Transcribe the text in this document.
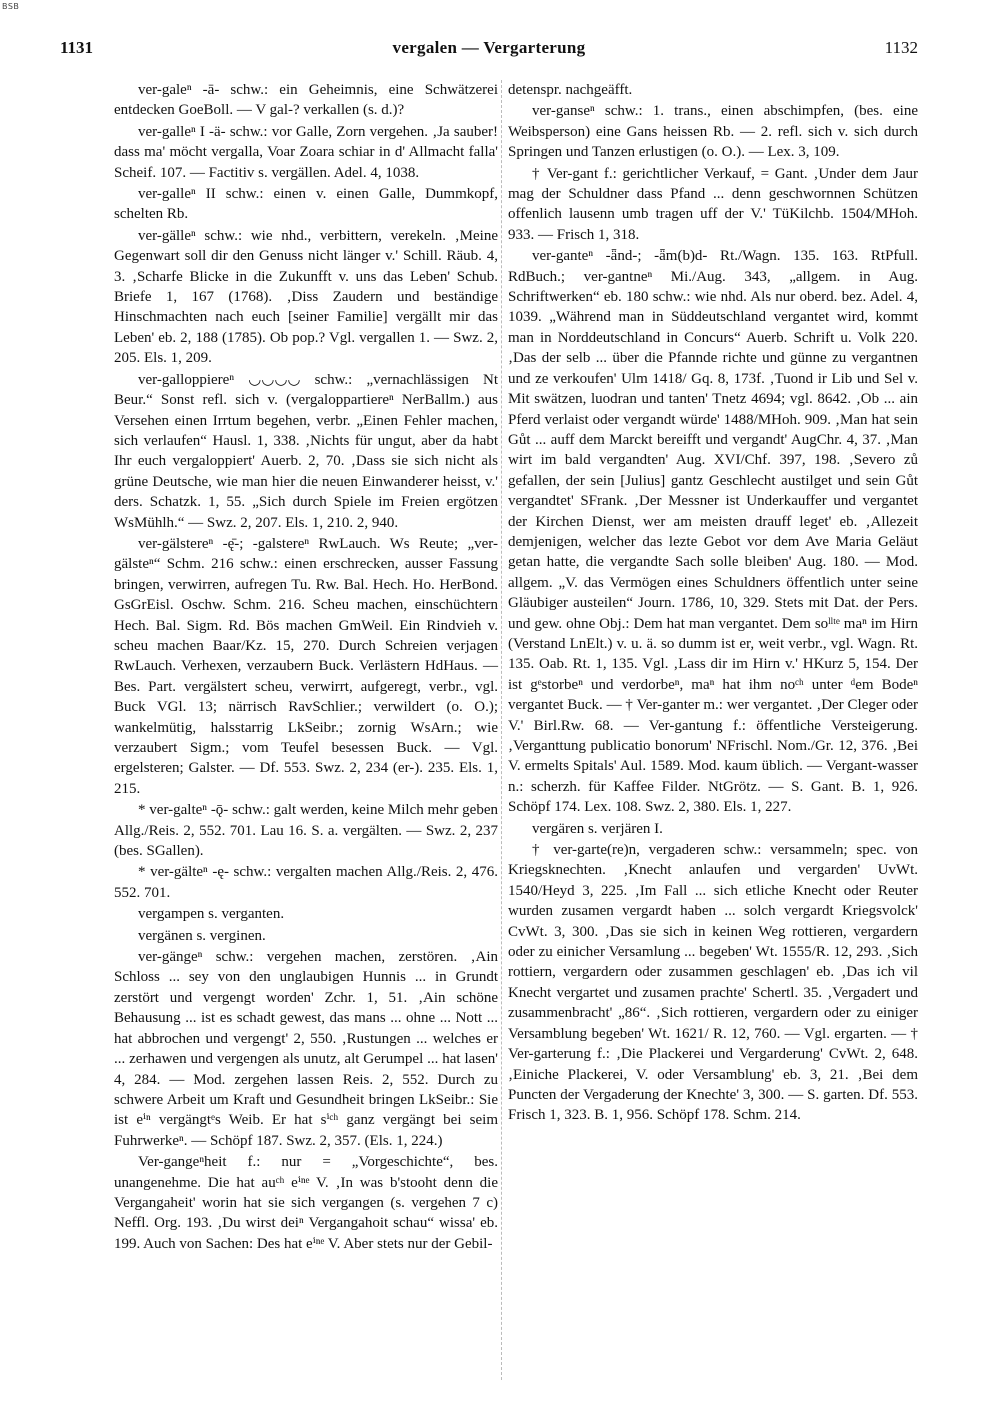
BSB
1131	vergalen — Vergarterung	1132

ver-galeⁿ -ā- schw.: ein Geheimnis, eine Schwätzerei entdecken GoeBoll. — V gal-? verkallen (s. d.)?

ver-galleⁿ I -ä- schw.: vor Galle, Zorn vergehen. ‚Ja sauber! dass ma' möcht vergalla, Voar Zoara schiar in d' Allmacht falla' Scheif. 107. — Factitiv s. vergällen. Adel. 4, 1038.

ver-galleⁿ II schw.: einen v. einen Galle, Dummkopf, schelten Rb.

ver-gälleⁿ schw.: wie nhd., verbittern, verekeln. ‚Meine Gegenwart soll dir den Genuss nicht länger v.' Schill. Räub. 4, 3. ‚Scharfe Blicke in die Zukunfft v. uns das Leben' Schub. Briefe 1, 167 (1768). ‚Diss Zaudern und beständige Hinschmachten nach euch [seiner Familie] vergällt mir das Leben' eb. 2, 188 (1785). Ob pop.? Vgl. vergallen 1. — Swz. 2, 205. Els. 1, 209.

ver-galloppiereⁿ ◡◡◡◡ schw.: „vernachlässigen Nt Beur.“ Sonst refl. sich v. (vergaloppartiereⁿ NerBallm.) aus Versehen einen Irrtum begehen, verbr. „Einen Fehler machen, sich verlaufen“ Hausl. 1, 338. ‚Nichts für ungut, aber da habt Ihr euch vergaloppiert' Auerb. 2, 70. ‚Dass sie sich nicht als grüne Deutsche, wie man hier die neuen Einwanderer heisst, v.' ders. Schatzk. 1, 55. „Sich durch Spiele im Freien ergötzen WsMühlh.“ — Swz. 2, 207. Els. 1, 210. 2, 940.

ver-gälstereⁿ -ę̄-; -galstereⁿ RwLauch. Ws Reute; „ver-gälsteⁿ“ Schm. 216 schw.: einen erschrecken, ausser Fassung bringen, verwirren, aufregen Tu. Rw. Bal. Hech. Ho. HerBond. GsGrEisl. Oschw. Schm. 216. Scheu machen, einschüchtern Hech. Bal. Sigm. Rd. Bös machen GmWeil. Ein Rindvieh v. scheu machen Baar/Kz. 15, 270. Durch Schreien verjagen RwLauch. Verhexen, verzaubern Buck. Verlästern HdHaus. — Bes. Part. vergälstert scheu, verwirrt, aufgeregt, verbr., vgl. Buck VGl. 13; närrisch RavSchlier.; verwildert (o. O.); wankelmütig, halsstarrig LkSeibr.; zornig WsArn.; wie verzaubert Sigm.; vom Teufel besessen Buck. — Vgl. ergelsteren; Galster. — Df. 553. Swz. 2, 234 (er-). 235. Els. 1, 215.

* ver-galteⁿ -ǭ- schw.: galt werden, keine Milch mehr geben Allg./Reis. 2, 552. 701. Lau 16. S. a. vergälten. — Swz. 2, 237 (bes. SGallen).

* ver-gälteⁿ -ę- schw.: vergalten machen Allg./Reis. 2, 476. 552. 701.

vergampen s. verganten.

vergänen s. verginen.

ver-gängeⁿ schw.: vergehen machen, zerstören. ‚Ain Schloss ... sey von den unglaubigen Hunnis ... in Grundt zerstört und vergengt worden' Zchr. 1, 51. ‚Ain schöne Behausung ... ist es schadt gewest, das mans ... ohne ... Nott ... hat abbrochen und vergengt' 2, 550. ‚Rustungen ... welches er ... zerhawen und vergengen als unutz, alt Gerumpel ... hat lasen' 4, 284. — Mod. zergehen lassen Reis. 2, 552. Durch zu schwere Arbeit um Kraft und Gesundheit bringen LkSeibr.: Sie ist eⁱⁿ vergängtᵉs Weib. Er hat sⁱᶜʰ ganz vergängt bei seim Fuhrwerkeⁿ. — Schöpf 187. Swz. 2, 357. (Els. 1, 224.)

Ver-gangeⁿheit f.: nur = „Vorgeschichte“, bes. unangenehme. Die hat auᶜʰ eⁱⁿᵉ V. ‚In was b'stooht denn die Vergangaheit' worin hat sie sich vergangen (s. vergehen 7 c) Neffl. Org. 193. ‚Du wirst deiⁿ Vergangahoit schau“ wissa' eb. 199. Auch von Sachen: Des hat eⁱⁿᵉ V. Aber stets nur der Gebil-

detenspr. nachgeäfft.

ver-ganseⁿ schw.: 1. trans., einen abschimpfen, (bes. eine Weibsperson) eine Gans heissen Rb. — 2. refl. sich v. sich durch Springen und Tanzen erlustigen (o. O.). — Lex. 3, 109.

† Ver-gant f.: gerichtlicher Verkauf, = Gant. ‚Under dem Jaur mag der Schuldner dass Pfand ... denn geschwornnen Schützen offenlich lausenn umb tragen uff der V.' TüKilchb. 1504/MHoh. 933. — Frisch 1, 318.

ver-ganteⁿ -ǟnd-; -ǟm(b)d- Rt./Wagn. 135. 163. RtPfull. RdBuch.; ver-gantneⁿ Mi./Aug. 343, „allgem. in Aug. Schriftwerken“ eb. 180 schw.: wie nhd. Als nur oberd. bez. Adel. 4, 1039. „Während man in Süddeutschland vergantet wird, kommt man in Norddeutschland in Concurs“ Auerb. Schrift u. Volk 220. ‚Das der selb ... über die Pfannde richte und günne zu vergantnen und ze verkoufen' Ulm 1418/ Gq. 8, 173f. ‚Tuond ir Lib und Sel v. Mit swätzen, luodran und tanten' Tnetz 4694; vgl. 8642. ‚Ob ... ain Pferd verlaist oder vergandt würde' 1488/MHoh. 909. ‚Man hat sein Gůt ... auff dem Marckt bereifft und vergandt' AugChr. 4, 37. ‚Man wirt im bald vergandten' Aug. XVI/Chf. 397, 198. ‚Severo zů gefallen, der sein [Julius] gantz Geschlecht austilget und sein Gůt vergandtet' SFrank. ‚Der Messner ist Underkauffer und vergantet der Kirchen Dienst, wer am meisten drauff leget' eb. ‚Allezeit demjenigen, welcher das lezte Gebot vor dem Ave Maria Geläut getan hatte, die vergandte Sach solle bleiben' Aug. 180. — Mod. allgem. „V. das Vermögen eines Schuldners öffentlich unter seine Gläubiger austeilen“ Journ. 1786, 10, 329. Stets mit Dat. der Pers. und gew. ohne Obj.: Dem hat man vergantet. Dem soˡˡᵗᵉ maⁿ im Hirn (Verstand LnElt.) v. u. ä. so dumm ist er, weit verbr., vgl. Wagn. Rt. 135. Oab. Rt. 1, 135. Vgl. ‚Lass dir im Hirn v.' HKurz 5, 154. Der ist gᵉstorbeⁿ und verdorbeⁿ, maⁿ hat ihm noᶜʰ unter ᵈem Bodeⁿ vergantet Buck. — † Ver-ganter m.: wer vergantet. ‚Der Cleger oder V.' Birl.Rw. 68. — Ver-gantung f.: öffentliche Versteigerung. ‚Verganttung publicatio bonorum' NFrischl. Nom./Gr. 12, 376. ‚Bei V. ermelts Spitals' Aul. 1589. Mod. kaum üblich. — Vergant-wasser n.: scherzh. für Kaffee Filder. NtGrötz. — S. Gant. B. 1, 926. Schöpf 174. Lex. 108. Swz. 2, 380. Els. 1, 227.

vergären s. verjären I.

† ver-garte(re)n, vergaderen schw.: versammeln; spec. von Kriegsknechten. ‚Knecht anlaufen und vergarden' UvWt. 1540/Heyd 3, 225. ‚Im Fall ... sich etliche Knecht oder Reuter wurden zusamen vergardt haben ... solch vergardt Kriegsvolck' CvWt. 3, 300. ‚Das sie sich in keinen Weg rottieren, vergardern oder zu einicher Versamlung ... begeben' Wt. 1555/R. 12, 293. ‚Sich rottiern, vergardern oder zusammen geschlagen' eb. ‚Das ich vil Knecht vergartet und zusamen prachte' Schertl. 35. ‚Vergadert und zusammenbracht' „86“. ‚Sich rottieren, vergardern oder zu einiger Versamblung begeben' Wt. 1621/ R. 12, 760. — Vgl. ergarten. — † Ver-garterung f.: ‚Die Plackerei und Vergarderung' CvWt. 2, 648. ‚Einiche Plackerei, V. oder Versamblung' eb. 3, 21. ‚Bei dem Puncten der Vergaderung der Knechte' 3, 300. — S. garten. Df. 553. Frisch 1, 323. B. 1, 956. Schöpf 178. Schm. 214.
